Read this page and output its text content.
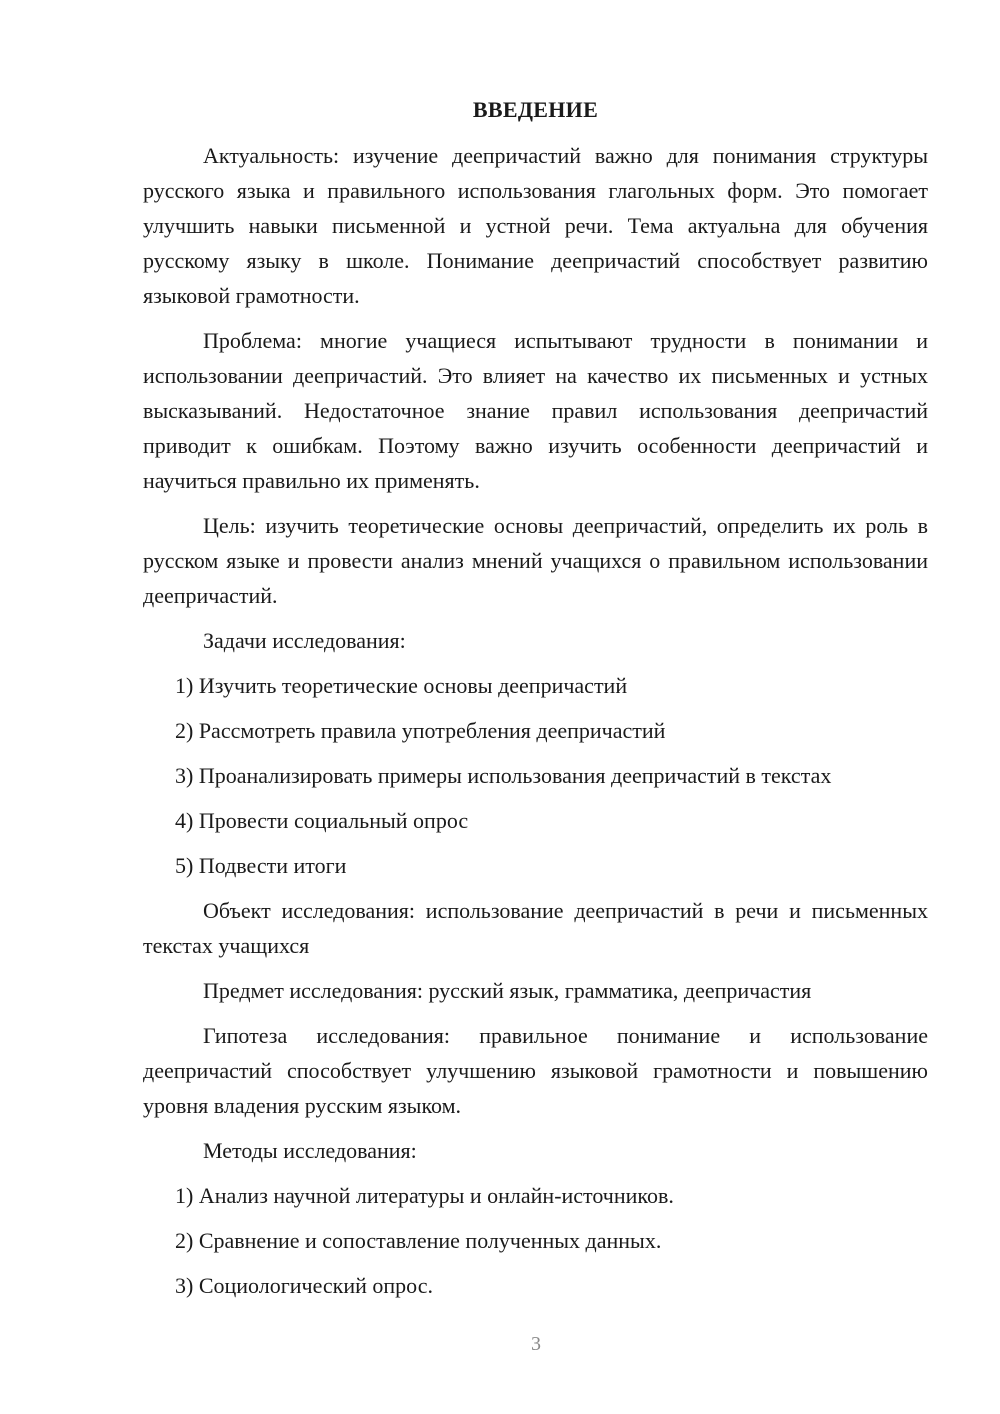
ВВЕДЕНИЕ

Актуальность: изучение деепричастий важно для понимания структуры русского языка и правильного использования глагольных форм. Это помогает улучшить навыки письменной и устной речи. Тема актуальна для обучения русскому языку в школе. Понимание деепричастий способствует развитию языковой грамотности.

Проблема: многие учащиеся испытывают трудности в понимании и использовании деепричастий. Это влияет на качество их письменных и устных высказываний. Недостаточное знание правил использования деепричастий приводит к ошибкам. Поэтому важно изучить особенности деепричастий и научиться правильно их применять.

Цель: изучить теоретические основы деепричастий, определить их роль в русском языке и провести анализ мнений учащихся о правильном использовании деепричастий.

Задачи исследования:

1) Изучить теоретические основы деепричастий
2) Рассмотреть правила употребления деепричастий
3) Проанализировать примеры использования деепричастий в текстах
4) Провести социальный опрос
5) Подвести итоги

Объект исследования: использование деепричастий в речи и письменных текстах учащихся

Предмет исследования: русский язык, грамматика, деепричастия

Гипотеза исследования: правильное понимание и использование деепричастий способствует улучшению языковой грамотности и повышению уровня владения русским языком.

Методы исследования:

1) Анализ научной литературы и онлайн-источников.
2) Сравнение и сопоставление полученных данных.
3) Социологический опрос.
3
